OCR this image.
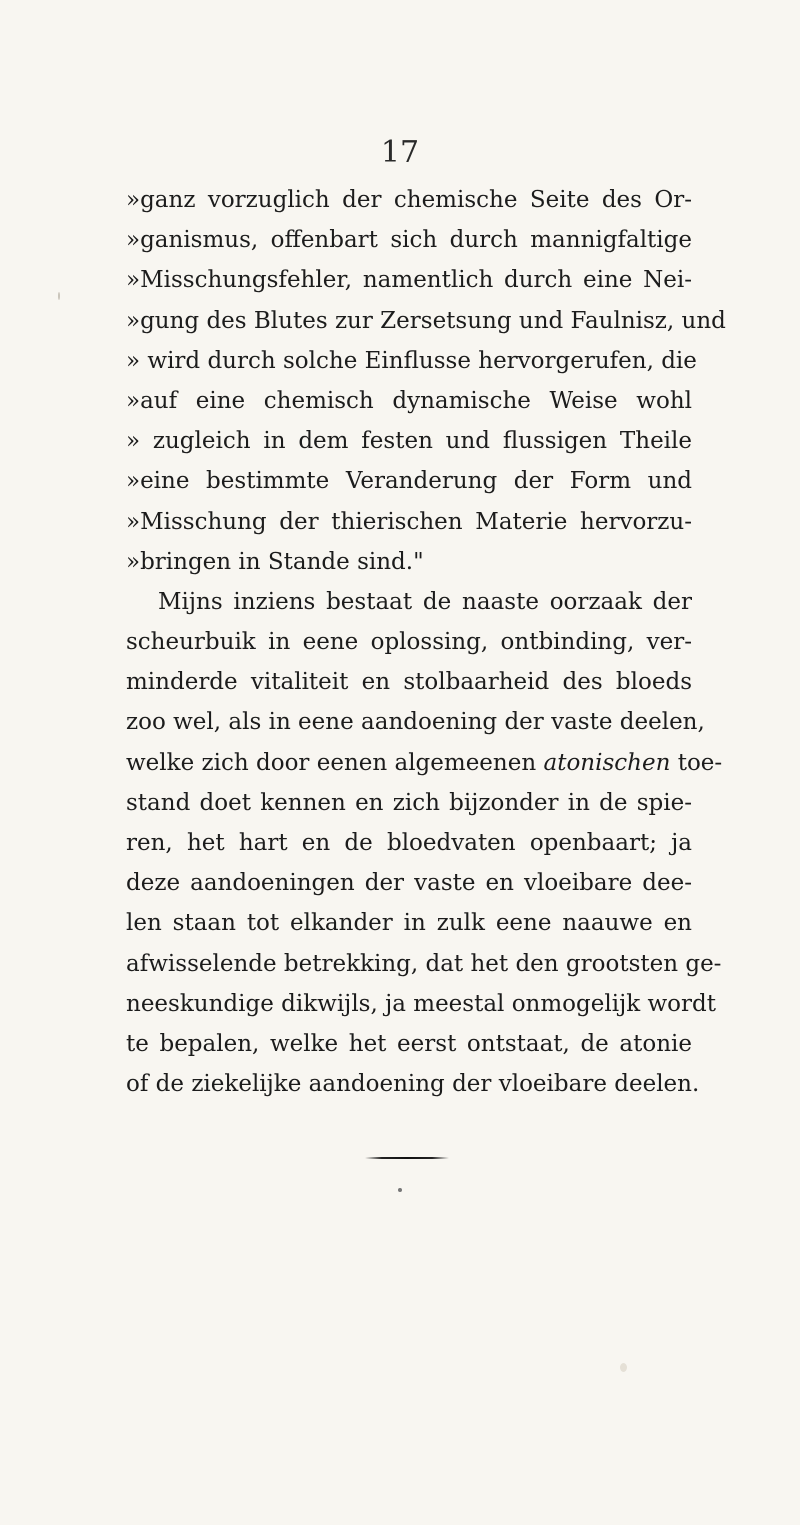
17
»ganz vorzuglich der chemische Seite des Or-
»ganismus, offenbart sich durch mannigfaltige
»Misschungsfehler, namentlich durch eine Nei-
»gung des Blutes zur Zersetsung und Faulnisz, und
» wird durch solche Einflusse hervorgerufen, die
»auf eine chemisch dynamische Weise wohl
» zugleich in dem festen und flussigen Theile
»eine bestimmte Veranderung der Form und
»Misschung der thierischen Materie hervorzu-
»bringen in Stande sind."
Mijns inziens bestaat de naaste oorzaak der
scheurbuik in eene oplossing, ontbinding, ver-
minderde vitaliteit en stolbaarheid des bloeds
zoo wel, als in eene aandoening der vaste deelen,
welke zich door eenen algemeenen atonischen toe-
stand doet kennen en zich bijzonder in de spie-
ren, het hart en de bloedvaten openbaart; ja
deze aandoeningen der vaste en vloeibare dee-
len staan tot elkander in zulk eene naauwe en
afwisselende betrekking, dat het den grootsten ge-
neeskundige dikwijls, ja meestal onmogelijk wordt
te bepalen, welke het eerst ontstaat, de atonie
of de ziekelijke aandoening der vloeibare deelen.
